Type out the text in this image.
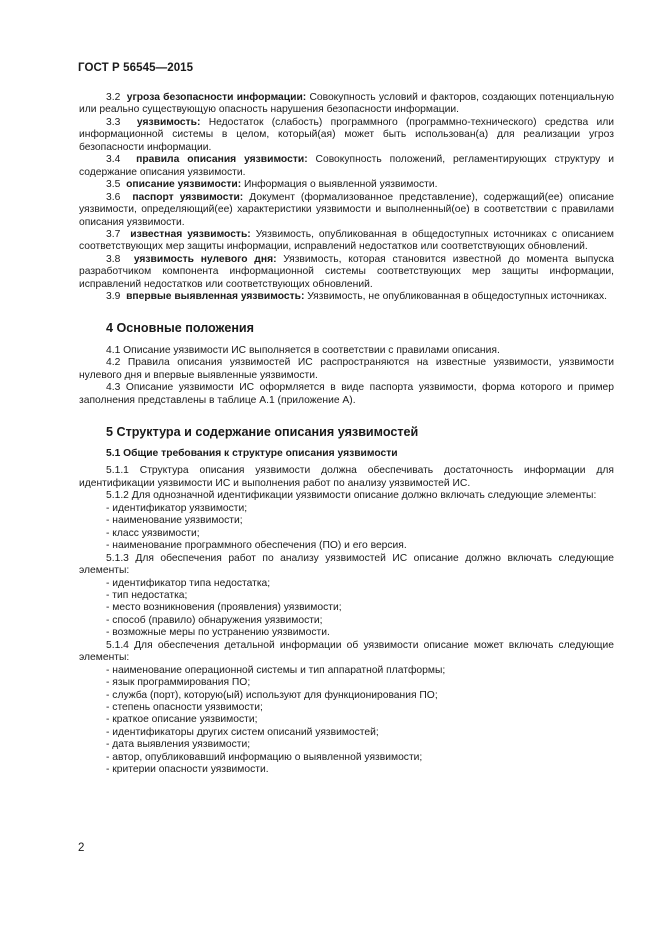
ГОСТ Р 56545—2015

3.2 угроза безопасности информации: Совокупность условий и факторов, создающих потенциальную или реально существующую опасность нарушения безопасности информации.

3.3 уязвимость: Недостаток (слабость) программного (программно-технического) средства или информационной системы в целом, который(ая) может быть использован(а) для реализации угроз безопасности информации.

3.4 правила описания уязвимости: Совокупность положений, регламентирующих структуру и содержание описания уязвимости.

3.5 описание уязвимости: Информация о выявленной уязвимости.

3.6 паспорт уязвимости: Документ (формализованное представление), содержащий(ее) описание уязвимости, определяющий(ее) характеристики уязвимости и выполненный(ое) в соответствии с правилами описания уязвимости.

3.7 известная уязвимость: Уязвимость, опубликованная в общедоступных источниках с описанием соответствующих мер защиты информации, исправлений недостатков или соответствующих обновлений.

3.8 уязвимость нулевого дня: Уязвимость, которая становится известной до момента выпуска разработчиком компонента информационной системы соответствующих мер защиты информации, исправлений недостатков или соответствующих обновлений.

3.9 впервые выявленная уязвимость: Уязвимость, не опубликованная в общедоступных источниках.

4 Основные положения

4.1 Описание уязвимости ИС выполняется в соответствии с правилами описания.

4.2 Правила описания уязвимостей ИС распространяются на известные уязвимости, уязвимости нулевого дня и впервые выявленные уязвимости.

4.3 Описание уязвимости ИС оформляется в виде паспорта уязвимости, форма которого и пример заполнения представлены в таблице А.1 (приложение А).

5 Структура и содержание описания уязвимостей
5.1 Общие требования к структуре описания уязвимости

5.1.1 Структура описания уязвимости должна обеспечивать достаточность информации для идентификации уязвимости ИС и выполнения работ по анализу уязвимостей ИС.

5.1.2 Для однозначной идентификации уязвимости описание должно включать следующие элементы:

- идентификатор уязвимости;

- наименование уязвимости;

- класс уязвимости;

- наименование программного обеспечения (ПО) и его версия.

5.1.3 Для обеспечения работ по анализу уязвимостей ИС описание должно включать следующие элементы:

- идентификатор типа недостатка;

- тип недостатка;

- место возникновения (проявления) уязвимости;

- способ (правило) обнаружения уязвимости;

- возможные меры по устранению уязвимости.

5.1.4 Для обеспечения детальной информации об уязвимости описание может включать следующие элементы:

- наименование операционной системы и тип аппаратной платформы;

- язык программирования ПО;

- служба (порт), которую(ый) используют для функционирования ПО;

- степень опасности уязвимости;

- краткое описание уязвимости;

- идентификаторы других систем описаний уязвимостей;

- дата выявления уязвимости;

- автор, опубликовавший информацию о выявленной уязвимости;

- критерии опасности уязвимости.

2
